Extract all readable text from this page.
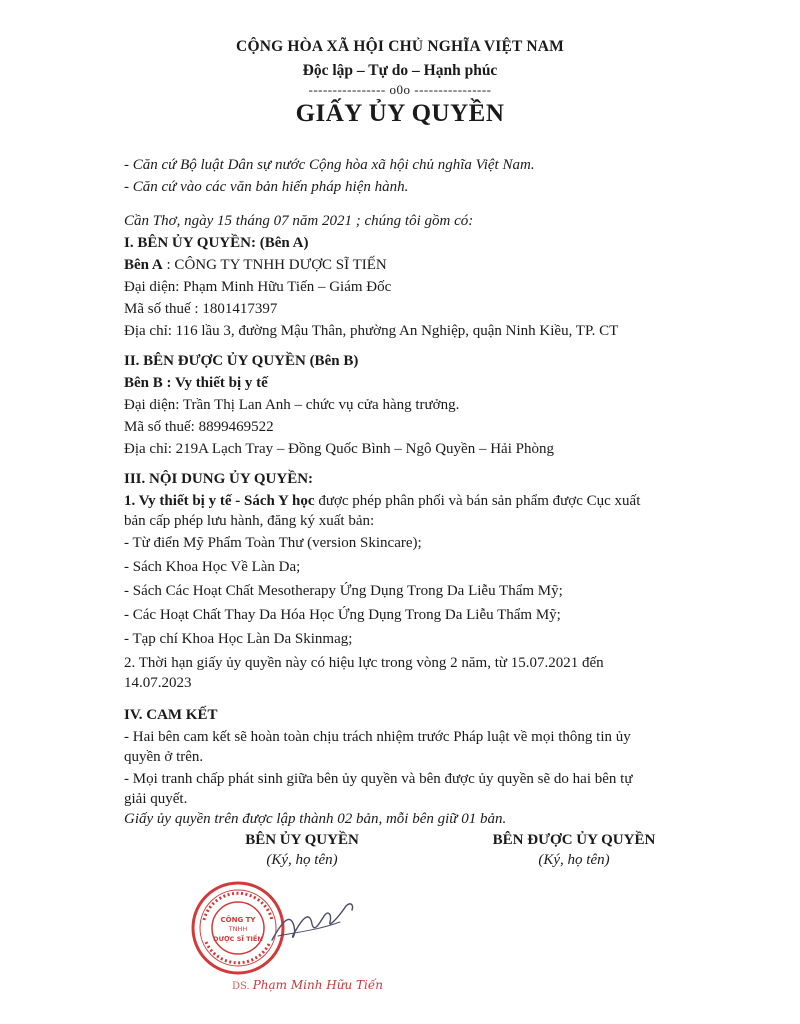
CỘNG HÒA XÃ HỘI CHỦ NGHĨA VIỆT NAM
Độc lập – Tự do – Hạnh phúc
---------------- o0o ----------------
GIẤY ỦY QUYỀN
- Căn cứ Bộ luật Dân sự nước Cộng hòa xã hội chủ nghĩa Việt Nam.
- Căn cứ vào các văn bản hiến pháp hiện hành.
Cần Thơ, ngày 15 tháng 07 năm 2021 ; chúng tôi gồm có:
I. BÊN ỦY QUYỀN: (Bên A)
Bên A : CÔNG TY TNHH DƯỢC SĨ TIẾN
Đại diện: Phạm Minh Hữu Tiến – Giám Đốc
Mã số thuế : 1801417397
Địa chỉ: 116 lầu 3, đường Mậu Thân, phường An Nghiệp, quận Ninh Kiều, TP. CT
II. BÊN ĐƯỢC ỦY QUYỀN (Bên B)
Bên B : Vy thiết bị y tế
Đại diện: Trần Thị Lan Anh – chức vụ cửa hàng trưởng.
Mã số thuế: 8899469522
Địa chỉ: 219A Lạch Tray – Đồng Quốc Bình – Ngô Quyền – Hải Phòng
III. NỘI DUNG ỦY QUYỀN:
1. Vy thiết bị y tế - Sách Y học được phép phân phối và bán sản phẩm được Cục xuất
bản cấp phép lưu hành, đăng ký xuất bản:
- Từ điển Mỹ Phẩm Toàn Thư (version Skincare);
- Sách Khoa Học Về Làn Da;
- Sách Các Hoạt Chất Mesotherapy Ứng Dụng Trong Da Liễu Thẩm Mỹ;
- Các Hoạt Chất Thay Da Hóa Học Ứng Dụng Trong Da Liễu Thẩm Mỹ;
- Tạp chí Khoa Học Làn Da Skinmag;
2. Thời hạn giấy ủy quyền này có hiệu lực trong vòng 2 năm, từ 15.07.2021 đến
14.07.2023
IV. CAM KẾT
- Hai bên cam kết sẽ hoàn toàn chịu trách nhiệm trước Pháp luật về mọi thông tin ủy
quyền ở trên.
- Mọi tranh chấp phát sinh giữa bên ủy quyền và bên được ủy quyền sẽ do hai bên tự
giải quyết.
Giấy ủy quyền trên được lập thành 02 bản, mỗi bên giữ 01 bản.
BÊN ỦY QUYỀN
(Ký, họ tên)
BÊN ĐƯỢC ỦY QUYỀN
(Ký, họ tên)
CÔNG TY
TNHH
DƯỢC SĨ TIẾN
DS. Phạm Minh Hữu Tiến
